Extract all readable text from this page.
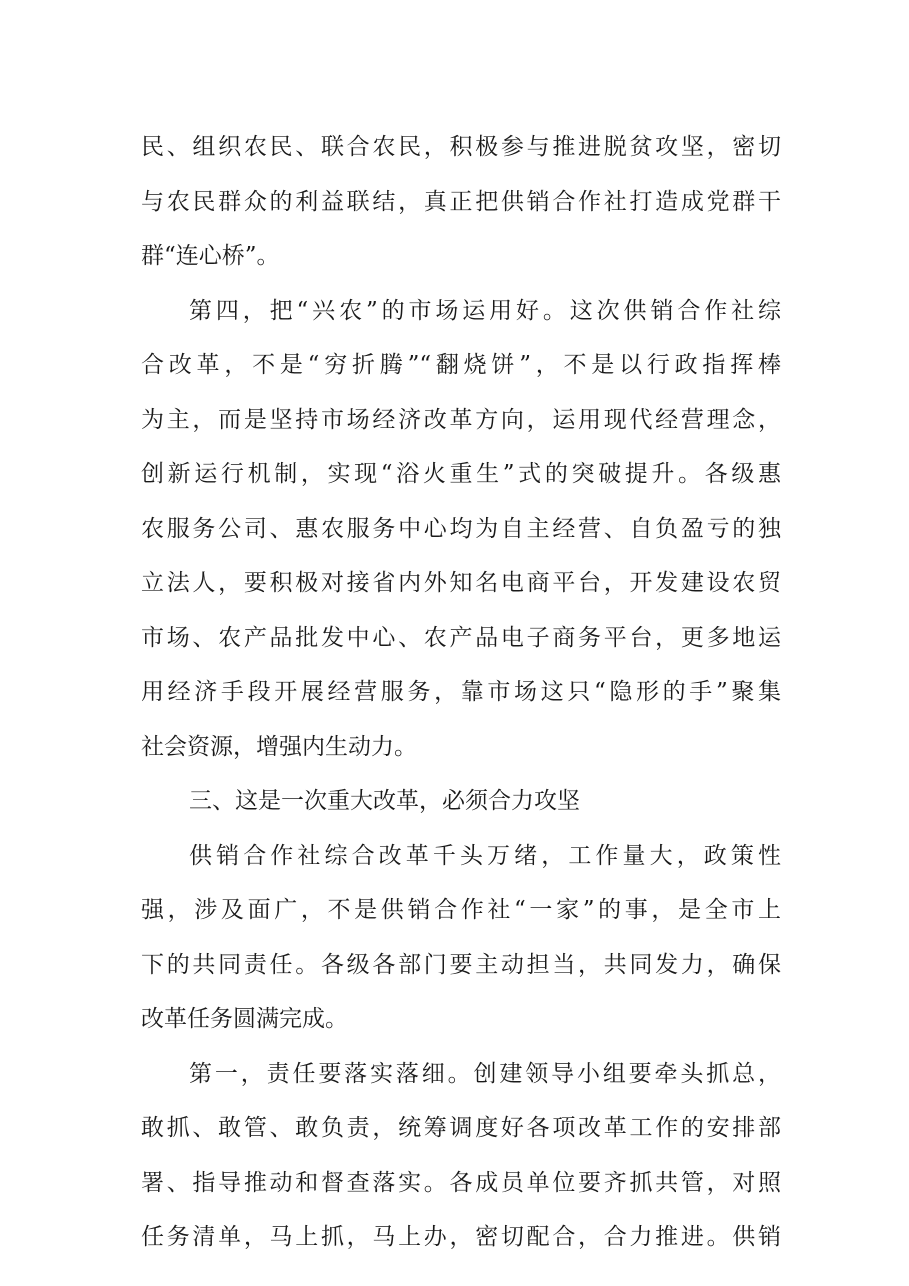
民、组织农民、联合农民，积极参与推进脱贫攻坚，密切
与农民群众的利益联结，真正把供销合作社打造成党群干
群“连心桥”。
第四，把“兴农”的市场运用好。这次供销合作社综
合改革，不是“穷折腾”“翻烧饼”，不是以行政指挥棒
为主，而是坚持市场经济改革方向，运用现代经营理念，
创新运行机制，实现“浴火重生”式的突破提升。各级惠
农服务公司、惠农服务中心均为自主经营、自负盈亏的独
立法人，要积极对接省内外知名电商平台，开发建设农贸
市场、农产品批发中心、农产品电子商务平台，更多地运
用经济手段开展经营服务，靠市场这只“隐形的手”聚集
社会资源，增强内生动力。
三、这是一次重大改革，必须合力攻坚
供销合作社综合改革千头万绪，工作量大，政策性
强，涉及面广，不是供销合作社“一家”的事，是全市上
下的共同责任。各级各部门要主动担当，共同发力，确保
改革任务圆满完成。
第一，责任要落实落细。创建领导小组要牵头抓总，
敢抓、敢管、敢负责，统筹调度好各项改革工作的安排部
署、指导推动和督查落实。各成员单位要齐抓共管，对照
任务清单，马上抓，马上办，密切配合，合力推进。供销
